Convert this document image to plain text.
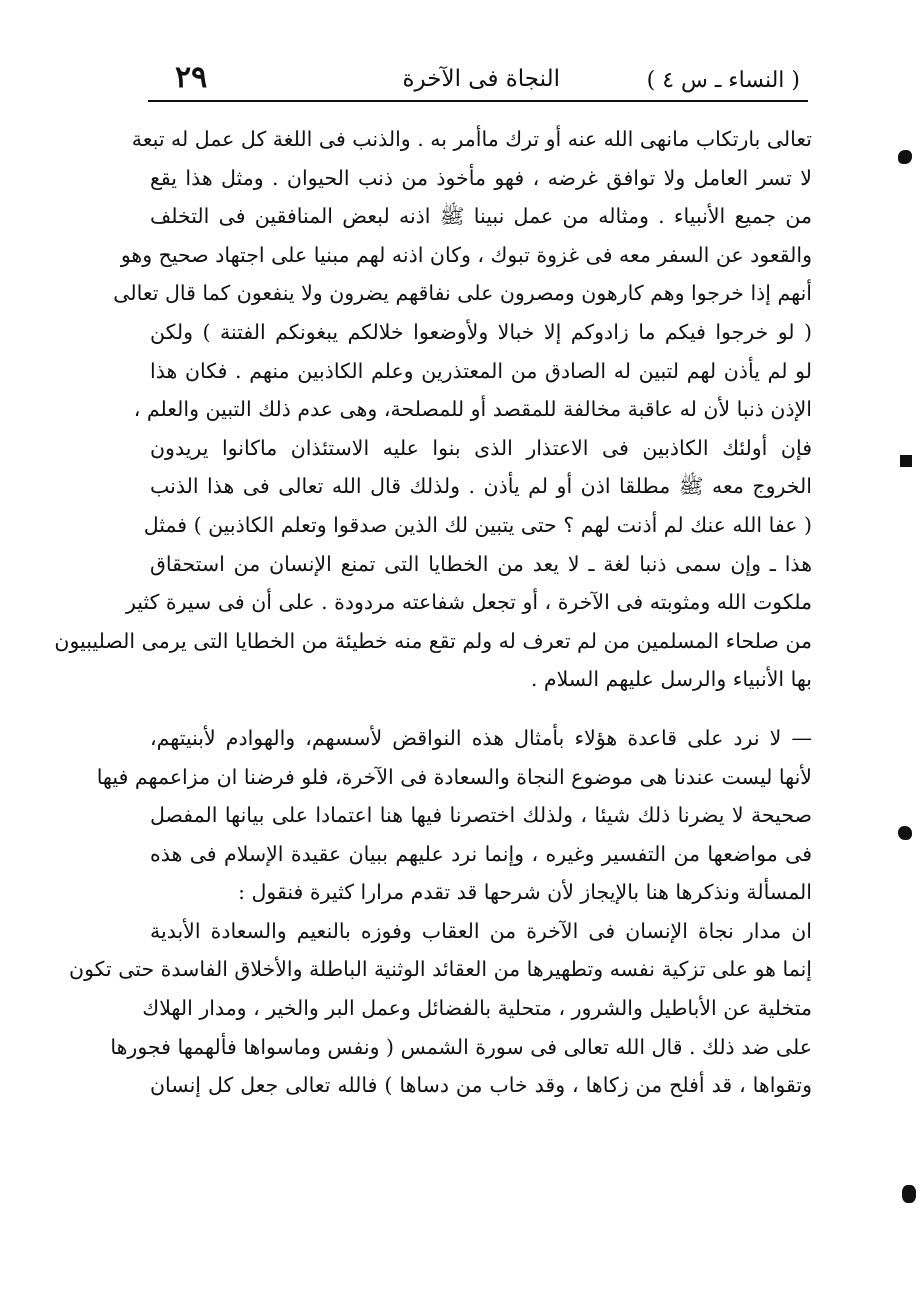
( النساء ـ س ٤ )
النجاة فى الآخرة
٢٩

تعالى بارتكاب مانهى الله عنه أو ترك ماأمر به . والذنب فى اللغة كل عمل له تبعة
لا تسر العامل ولا توافق غرضه ، فهو مأخوذ من ذنب الحيوان . ومثل هذا يقع
من جميع الأنبياء . ومثاله من عمل نبينا ﷺ اذنه لبعض المنافقين فى التخلف
والقعود عن السفر معه فى غزوة تبوك ، وكان اذنه لهم مبنيا على اجتهاد صحيح وهو
أنهم إذا خرجوا وهم كارهون ومصرون على نفاقهم يضرون ولا ينفعون كما قال تعالى
( لو خرجوا فيكم ما زادوكم إلا خبالا ولأوضعوا خلالكم يبغونكم الفتنة ) ولكن
لو لم يأذن لهم لتبين له الصادق من المعتذرين وعلم الكاذبين منهم . فكان هذا
الإذن ذنبا لأن له عاقبة مخالفة للمقصد أو للمصلحة، وهى عدم ذلك التبين والعلم ،
فإن أولئك الكاذبين فى الاعتذار الذى بنوا عليه الاستئذان ماكانوا يريدون
الخروج معه ﷺ مطلقا اذن أو لم يأذن . ولذلك قال الله تعالى فى هذا الذنب
( عفا الله عنك لم أذنت لهم ؟ حتى يتبين لك الذين صدقوا وتعلم الكاذبين ) فمثل
هذا ـ وإن سمى ذنبا لغة ـ لا يعد من الخطايا التى تمنع الإنسان من استحقاق
ملكوت الله ومثوبته فى الآخرة ، أو تجعل شفاعته مردودة . على أن فى سيرة كثير
من صلحاء المسلمين من لم تعرف له ولم تقع منه خطيئة من الخطايا التى يرمى الصليبيون
بها الأنبياء والرسل عليهم السلام .

— لا نرد على قاعدة هؤلاء بأمثال هذه النواقض لأسسهم، والهوادم لأبنيتهم،
لأنها ليست عندنا هى موضوع النجاة والسعادة فى الآخرة، فلو فرضنا ان مزاعمهم فيها
صحيحة لا يضرنا ذلك شيئا ، ولذلك اختصرنا فيها هنا اعتمادا على بيانها المفصل
فى مواضعها من التفسير وغيره ، وإنما نرد عليهم ببيان عقيدة الإسلام فى هذه
المسألة ونذكرها هنا بالإيجاز لأن شرحها قد تقدم مرارا كثيرة فنقول :

ان مدار نجاة الإنسان فى الآخرة من العقاب وفوزه بالنعيم والسعادة الأبدية
إنما هو على تزكية نفسه وتطهيرها من العقائد الوثنية الباطلة والأخلاق الفاسدة حتى تكون
متخلية عن الأباطيل والشرور ، متحلية بالفضائل وعمل البر والخير ، ومدار الهلاك
على ضد ذلك . قال الله تعالى فى سورة الشمس ( ونفس وماسواها فألهمها فجورها
وتقواها ، قد أفلح من زكاها ، وقد خاب من دساها ) فالله تعالى جعل كل إنسان
